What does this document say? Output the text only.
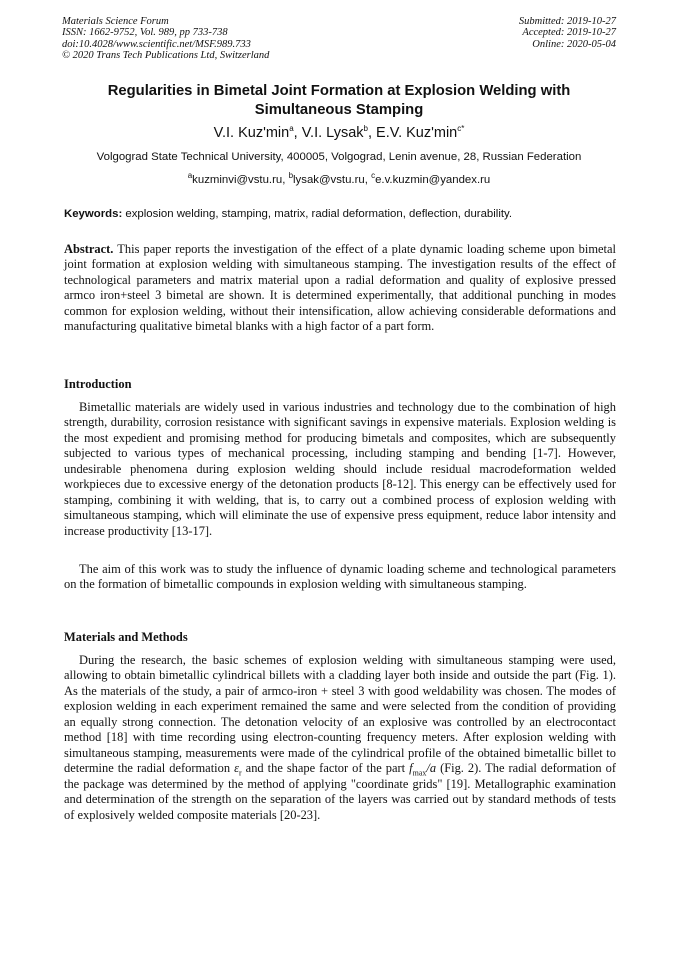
Materials Science Forum
ISSN: 1662-9752, Vol. 989, pp 733-738
doi:10.4028/www.scientific.net/MSF.989.733
© 2020 Trans Tech Publications Ltd, Switzerland
Submitted: 2019-10-27
Accepted: 2019-10-27
Online: 2020-05-04
Regularities in Bimetal Joint Formation at Explosion Welding with Simultaneous Stamping
V.I. $Kuz'\min^a$, V.I. Lysak$^b$, E.V. $Kuz'\min^{c*}$
Volgograd State Technical University, 400005, Volgograd, Lenin avenue, 28, Russian Federation
$^a$kuzminvi@vstu.ru, $^b$lysak@vstu.ru, $^c$e.v.kuzmin@yandex.ru
Keywords: explosion welding, stamping, matrix, radial deformation, deflection, durability.
Abstract. This paper reports the investigation of the effect of a plate dynamic loading scheme upon bimetal joint formation at explosion welding with simultaneous stamping. The investigation results of the effect of technological parameters and matrix material upon a radial deformation and quality of explosive pressed armco iron+steel 3 bimetal are shown. It is determined experimentally, that additional punching in modes common for explosion welding, without their intensification, allow achieving considerable deformations and manufacturing qualitative bimetal blanks with a high factor of a part form.
Introduction
Bimetallic materials are widely used in various industries and technology due to the combination of high strength, durability, corrosion resistance with significant savings in expensive materials. Explosion welding is the most expedient and promising method for producing bimetals and composites, which are subsequently subjected to various types of mechanical processing, including stamping and bending [1-7]. However, undesirable phenomena during explosion welding should include residual macrodeformation welded workpieces due to excessive energy of the detonation products [8-12]. This energy can be effectively used for stamping, combining it with welding, that is, to carry out a combined process of explosion welding with simultaneous stamping, which will eliminate the use of expensive press equipment, reduce labor intensity and increase productivity [13-17].
The aim of this work was to study the influence of dynamic loading scheme and technological parameters on the formation of bimetallic compounds in explosion welding with simultaneous stamping.
Materials and Methods
During the research, the basic schemes of explosion welding with simultaneous stamping were used, allowing to obtain bimetallic cylindrical billets with a cladding layer both inside and outside the part (Fig. 1). As the materials of the study, a pair of armco-iron + steel 3 with good weldability was chosen. The modes of explosion welding in each experiment remained the same and were selected from the condition of providing an equally strong connection. The detonation velocity of an explosive was controlled by an electrocontact method [18] with time recording using electron-counting frequency meters. After explosion welding with simultaneous stamping, measurements were made of the cylindrical profile of the obtained bimetallic billet to determine the radial deformation $\varepsilon_r$ and the shape factor of the part $f_{max}/a$ (Fig. 2). The radial deformation of the package was determined by the method of applying "coordinate grids" [19]. Metallographic examination and determination of the strength on the separation of the layers was carried out by standard methods of tests of explosively welded composite materials [20-23].
